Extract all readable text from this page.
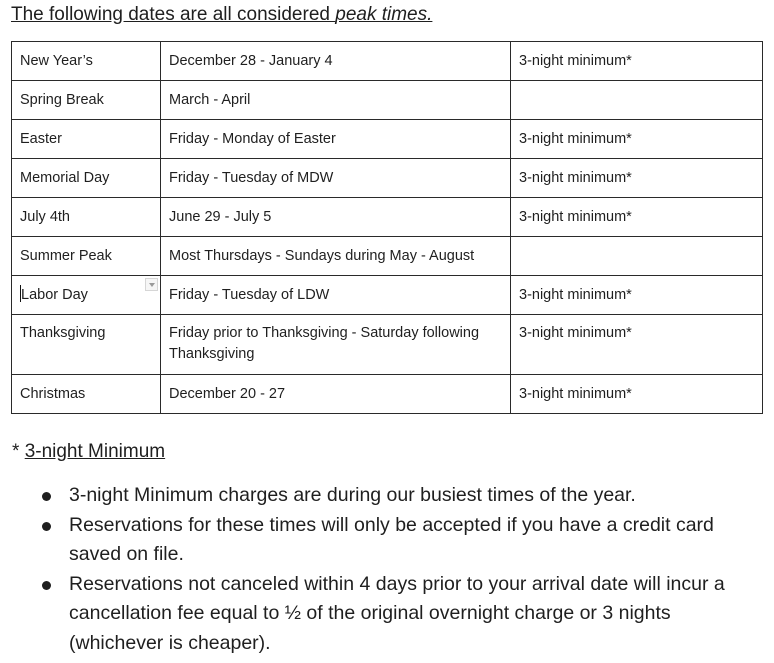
The following dates are all considered peak times.
New Year’s	December 28 - January 4	3-night minimum*
Spring Break	March - April	
Easter	Friday - Monday of Easter	3-night minimum*
Memorial Day	Friday - Tuesday of MDW	3-night minimum*
July 4th	June 29 - July 5	3-night minimum*
Summer Peak	Most Thursdays - Sundays during May - August	
Labor Day	Friday - Tuesday of LDW	3-night minimum*
Thanksgiving	Friday prior to Thanksgiving - Saturday following Thanksgiving	3-night minimum*
Christmas	December 20 - 27	3-night minimum*
* 3-night Minimum
3-night Minimum charges are during our busiest times of the year.
Reservations for these times will only be accepted if you have a credit card saved on file.
Reservations not canceled within 4 days prior to your arrival date will incur a cancellation fee equal to ½ of the original overnight charge or 3 nights (whichever is cheaper).
